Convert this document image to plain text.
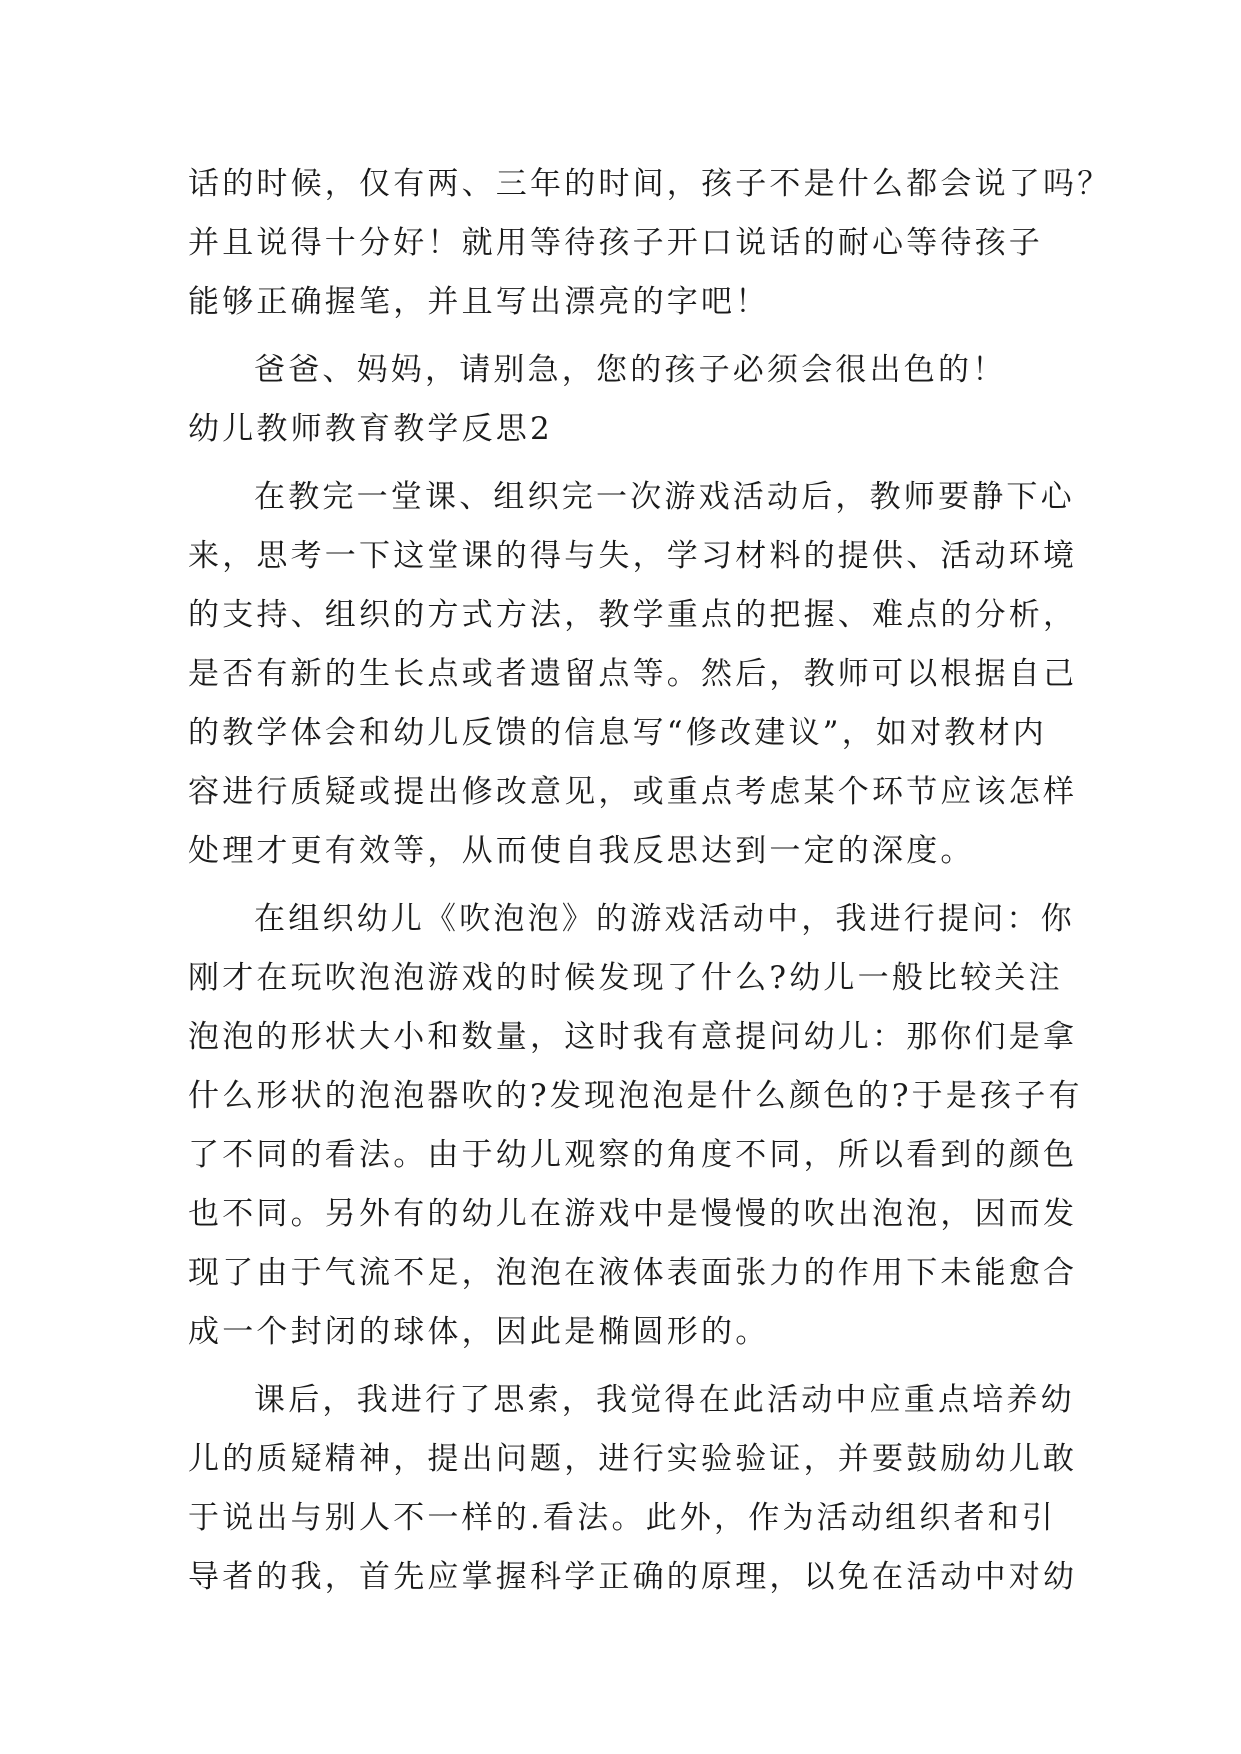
话的时候，仅有两、三年的时间，孩子不是什么都会说了吗？
并且说得十分好！就用等待孩子开口说话的耐心等待孩子
能够正确握笔，并且写出漂亮的字吧！
爸爸、妈妈，请别急，您的孩子必须会很出色的！
幼儿教师教育教学反思2
在教完一堂课、组织完一次游戏活动后，教师要静下心
来，思考一下这堂课的得与失，学习材料的提供、活动环境
的支持、组织的方式方法，教学重点的把握、难点的分析，
是否有新的生长点或者遗留点等。然后，教师可以根据自己
的教学体会和幼儿反馈的信息写“修改建议”，如对教材内
容进行质疑或提出修改意见，或重点考虑某个环节应该怎样
处理才更有效等，从而使自我反思达到一定的深度。
在组织幼儿《吹泡泡》的游戏活动中，我进行提问：你
刚才在玩吹泡泡游戏的时候发现了什么?幼儿一般比较关注
泡泡的形状大小和数量，这时我有意提问幼儿：那你们是拿
什么形状的泡泡器吹的?发现泡泡是什么颜色的?于是孩子有
了不同的看法。由于幼儿观察的角度不同，所以看到的颜色
也不同。另外有的幼儿在游戏中是慢慢的吹出泡泡，因而发
现了由于气流不足，泡泡在液体表面张力的作用下未能愈合
成一个封闭的球体，因此是椭圆形的。
课后，我进行了思索，我觉得在此活动中应重点培养幼
儿的质疑精神，提出问题，进行实验验证，并要鼓励幼儿敢
于说出与别人不一样的.看法。此外，作为活动组织者和引
导者的我，首先应掌握科学正确的原理，以免在活动中对幼
